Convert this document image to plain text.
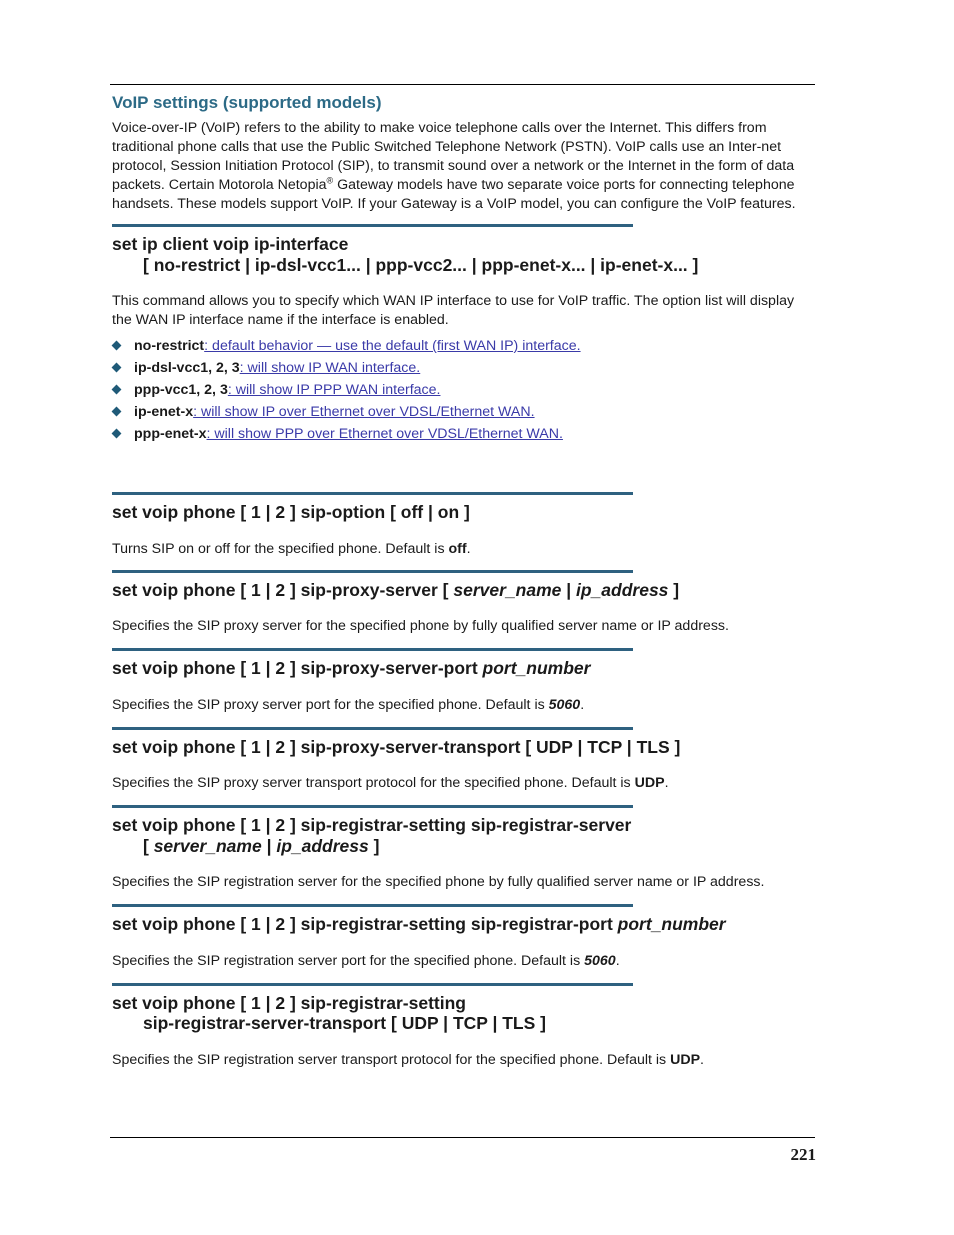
VoIP settings (supported models)

Voice-over-IP (VoIP) refers to the ability to make voice telephone calls over the Internet. This differs from traditional phone calls that use the Public Switched Telephone Network (PSTN). VoIP calls use an Inter-net protocol, Session Initiation Protocol (SIP), to transmit sound over a network or the Internet in the form of data packets. Certain Motorola Netopia® Gateway models have two separate voice ports for connecting telephone handsets. These models support VoIP. If your Gateway is a VoIP model, you can configure the VoIP features.

set ip client voip ip-interface
[ no-restrict | ip-dsl-vcc1... | ppp-vcc2... | ppp-enet-x... | ip-enet-x... ]

This command allows you to specify which WAN IP interface to use for VoIP traffic. The option list will display the WAN IP interface name if the interface is enabled.

no-restrict: default behavior — use the default (first WAN IP) interface.
ip-dsl-vcc1, 2, 3: will show IP WAN interface.
ppp-vcc1, 2, 3: will show IP PPP WAN interface.
ip-enet-x: will show IP over Ethernet over VDSL/Ethernet WAN.
ppp-enet-x: will show PPP over Ethernet over VDSL/Ethernet WAN.

set voip phone [ 1 | 2 ] sip-option [ off | on ]

Turns SIP on or off for the specified phone. Default is off.

set voip phone [ 1 | 2 ] sip-proxy-server [ server_name | ip_address ]

Specifies the SIP proxy server for the specified phone by fully qualified server name or IP address.

set voip phone [ 1 | 2 ] sip-proxy-server-port port_number

Specifies the SIP proxy server port for the specified phone. Default is 5060.

set voip phone [ 1 | 2 ] sip-proxy-server-transport [ UDP | TCP | TLS ]

Specifies the SIP proxy server transport protocol for the specified phone. Default is UDP.

set voip phone [ 1 | 2 ] sip-registrar-setting sip-registrar-server
[ server_name | ip_address ]

Specifies the SIP registration server for the specified phone by fully qualified server name or IP address.

set voip phone [ 1 | 2 ] sip-registrar-setting sip-registrar-port port_number

Specifies the SIP registration server port for the specified phone. Default is 5060.

set voip phone [ 1 | 2 ] sip-registrar-setting
sip-registrar-server-transport [ UDP | TCP | TLS ]

Specifies the SIP registration server transport protocol for the specified phone. Default is UDP.

221
